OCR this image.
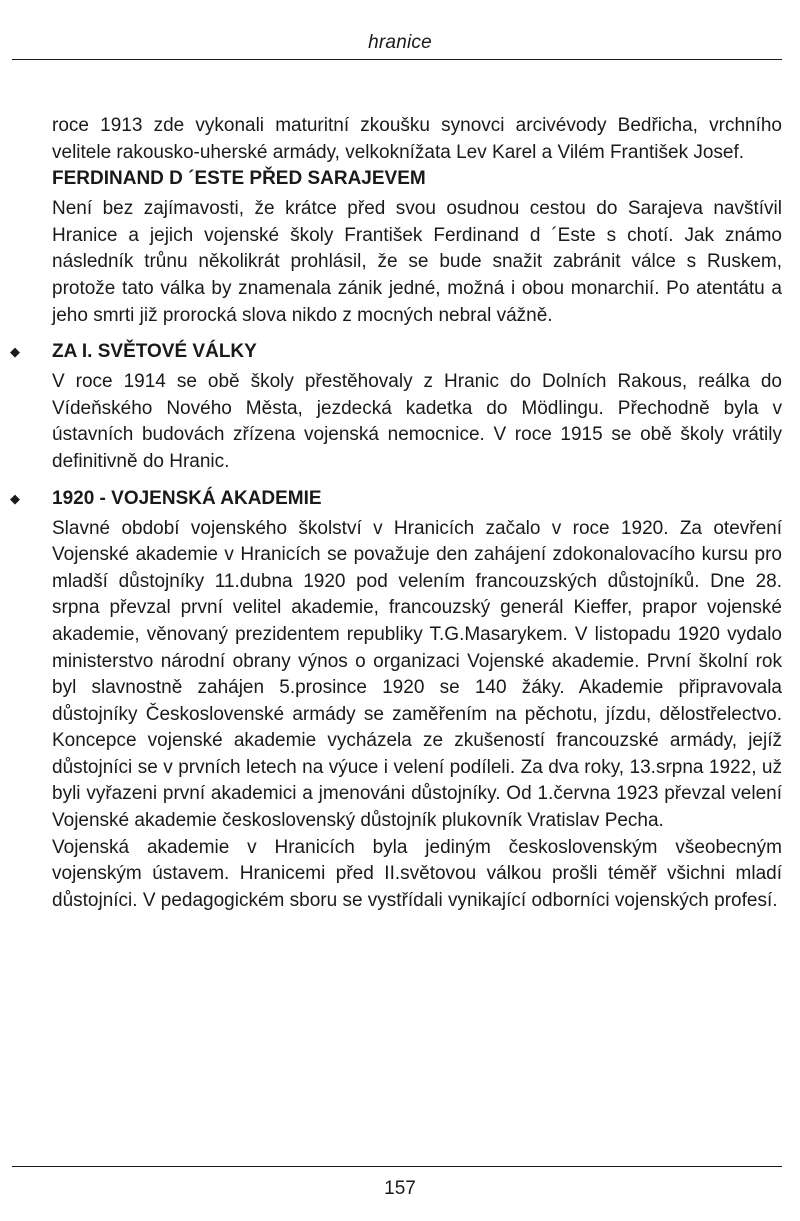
hranice

roce 1913 zde vykonali maturitní zkoušku synovci arcivévody Bedřicha, vrchního velitele rakousko-uherské armády, velkoknížata Lev Karel a Vilém František Josef.

FERDINAND D ´ESTE PŘED SARAJEVEM

Není bez zajímavosti, že krátce před svou osudnou cestou do Sarajeva navštívil Hranice a jejich vojenské školy František Ferdinand d ´Este s chotí. Jak známo následník trůnu několikrát prohlásil, že se bude snažit zabránit válce s Ruskem, protože tato válka by znamenala zánik jedné, možná i obou monarchií. Po atentátu a jeho smrti již prorocká slova nikdo z mocných nebral vážně.

◆ ZA I. SVĚTOVÉ VÁLKY

V roce 1914 se obě školy přestěhovaly z Hranic do Dolních Rakous, reálka do Vídeňského Nového Města, jezdecká kadetka do Mödlingu. Přechodně byla v ústavních budovách zřízena vojenská nemocnice. V roce 1915 se obě školy vrátily definitivně do Hranic.

◆ 1920 - VOJENSKÁ AKADEMIE

Slavné období vojenského školství v Hranicích začalo v roce 1920. Za otevření Vojenské akademie v Hranicích se považuje den zahájení zdokonalovacího kursu pro mladší důstojníky 11.dubna 1920 pod velením francouzských důstojníků. Dne 28. srpna převzal první velitel akademie, francouzský generál Kieffer, prapor vojenské akademie, věnovaný prezidentem republiky T.G.Masarykem. V listopadu 1920 vydalo ministerstvo národní obrany výnos o organizaci Vojenské akademie. První školní rok byl slavnostně zahájen 5.prosince 1920 se 140 žáky. Akademie připravovala důstojníky Československé armády se zaměřením na pěchotu, jízdu, dělostřelectvo. Koncepce vojenské akademie vycházela ze zkušeností francouzské armády, jejíž důstojníci se v prvních letech na výuce i velení podíleli. Za dva roky, 13.srpna 1922, už byli vyřazeni první akademici a jmenováni důstojníky. Od 1.června 1923 převzal velení Vojenské akademie československý důstojník plukovník Vratislav Pecha.

Vojenská akademie v Hranicích byla jediným československým všeobecným vojenským ústavem. Hranicemi před II.světovou válkou prošli téměř všichni mladí důstojníci. V pedagogickém sboru se vystřídali vynikající odborníci vojenských profesí.

157
